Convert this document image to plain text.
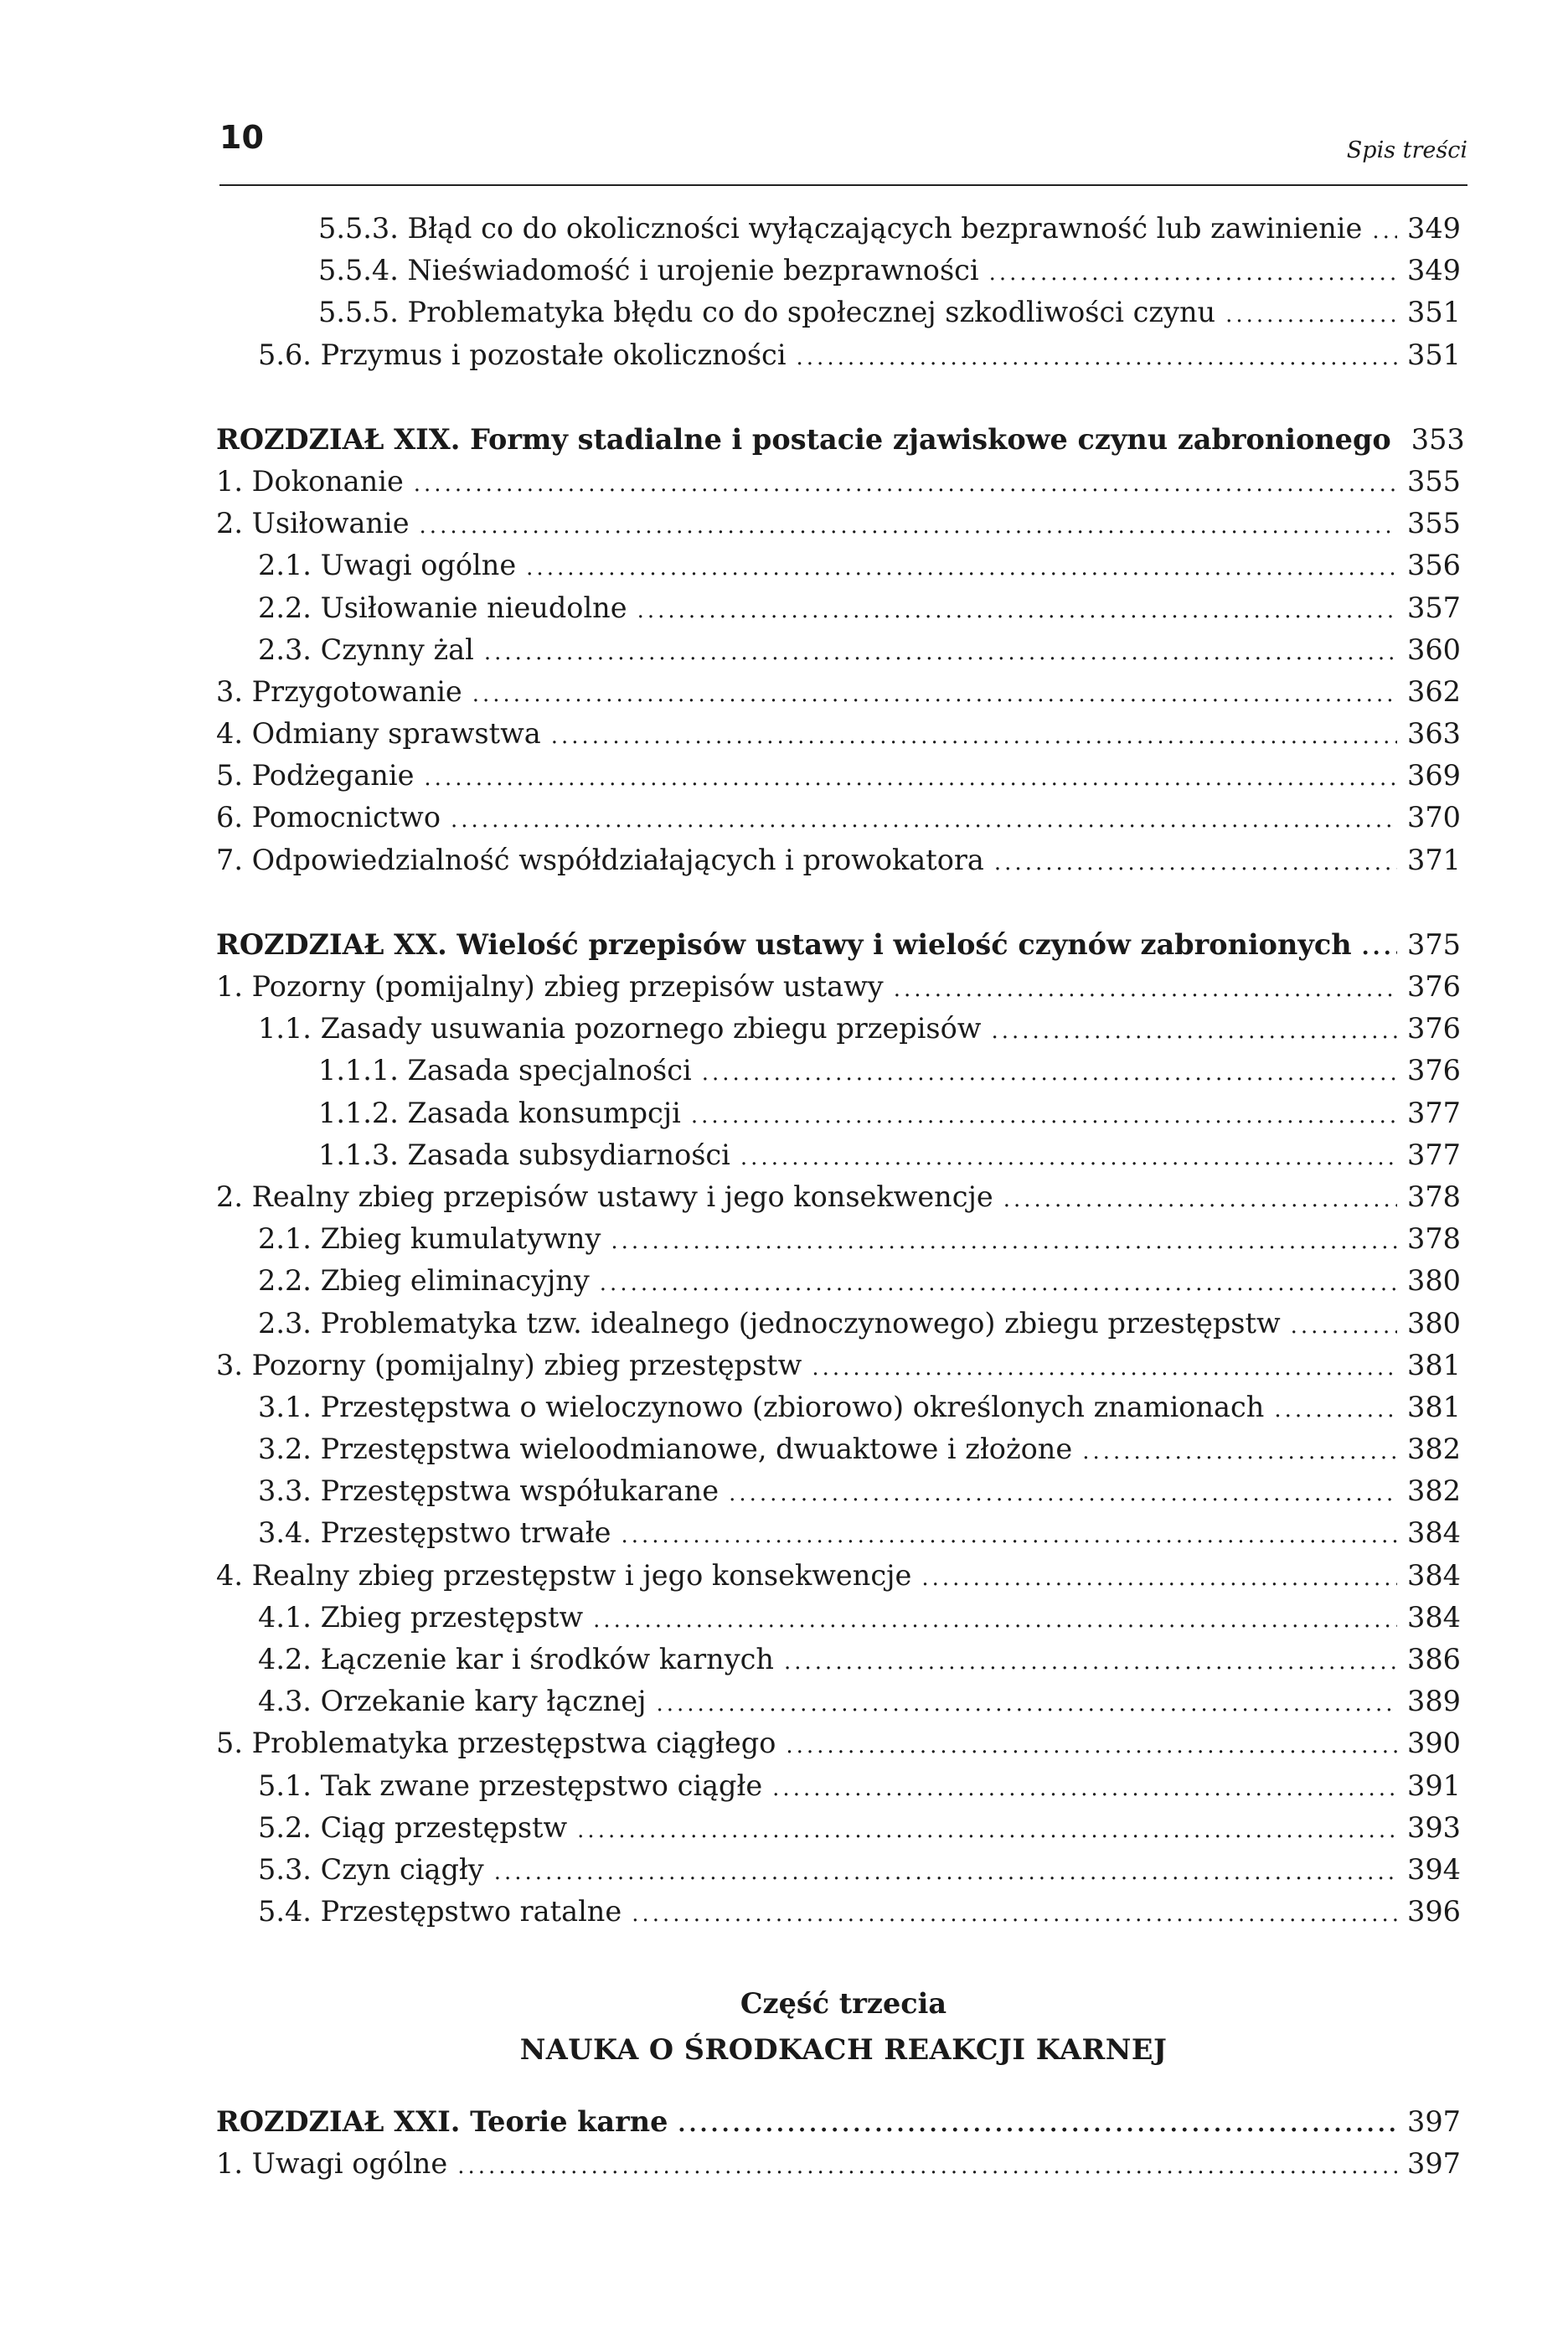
10	Spis treści
5.5.3. Błąd co do okoliczności wyłączających bezprawność lub zawinienie ..... 349
5.5.4. Nieświadomość i urojenie bezprawności .....	349
5.5.5. Problematyka błędu co do społecznej szkodliwości czynu .....	351
5.6. Przymus i pozostałe okoliczności .....	351
ROZDZIAŁ XIX. Formy stadialne i postacie zjawiskowe czynu zabronionego 353
1. Dokonanie .....	355
2. Usiłowanie .....	355
2.1. Uwagi ogólne .....	356
2.2. Usiłowanie nieudolne .....	357
2.3. Czynny żal .....	360
3. Przygotowanie .....	362
4. Odmiany sprawstwa .....	363
5. Podżeganie .....	369
6. Pomocnictwo .....	370
7. Odpowiedzialność współdziałających i prowokatora .....	371
ROZDZIAŁ XX. Wielość przepisów ustawy i wielość czynów zabronionych ..... 375
1. Pozorny (pomijalny) zbieg przepisów ustawy .....	376
1.1. Zasady usuwania pozornego zbiegu przepisów .....	376
1.1.1. Zasada specjalności .....	376
1.1.2. Zasada konsumpcji .....	377
1.1.3. Zasada subsydiarności .....	377
2. Realny zbieg przepisów ustawy i jego konsekwencje .....	378
2.1. Zbieg kumulatywny .....	378
2.2. Zbieg eliminacyjny .....	380
2.3. Problematyka tzw. idealnego (jednoczynowego) zbiegu przestępstw .....	380
3. Pozorny (pomijalny) zbieg przestępstw .....	381
3.1. Przestępstwa o wieloczynowo (zbiorowo) określonych znamionach .....	381
3.2. Przestępstwa wieloodmianowe, dwuaktowe i złożone .....	382
3.3. Przestępstwa współukarane .....	382
3.4. Przestępstwo trwałe .....	384
4. Realny zbieg przestępstw i jego konsekwencje .....	384
4.1. Zbieg przestępstw .....	384
4.2. Łączenie kar i środków karnych .....	386
4.3. Orzekanie kary łącznej .....	389
5. Problematyka przestępstwa ciągłego .....	390
5.1. Tak zwane przestępstwo ciągłe .....	391
5.2. Ciąg przestępstw .....	393
5.3. Czyn ciągły .....	394
5.4. Przestępstwo ratalne .....	396
Część trzecia
NAUKA O ŚRODKACH REAKCJI KARNEJ
ROZDZIAŁ XXI. Teorie karne .....	397
1. Uwagi ogólne .....	397
